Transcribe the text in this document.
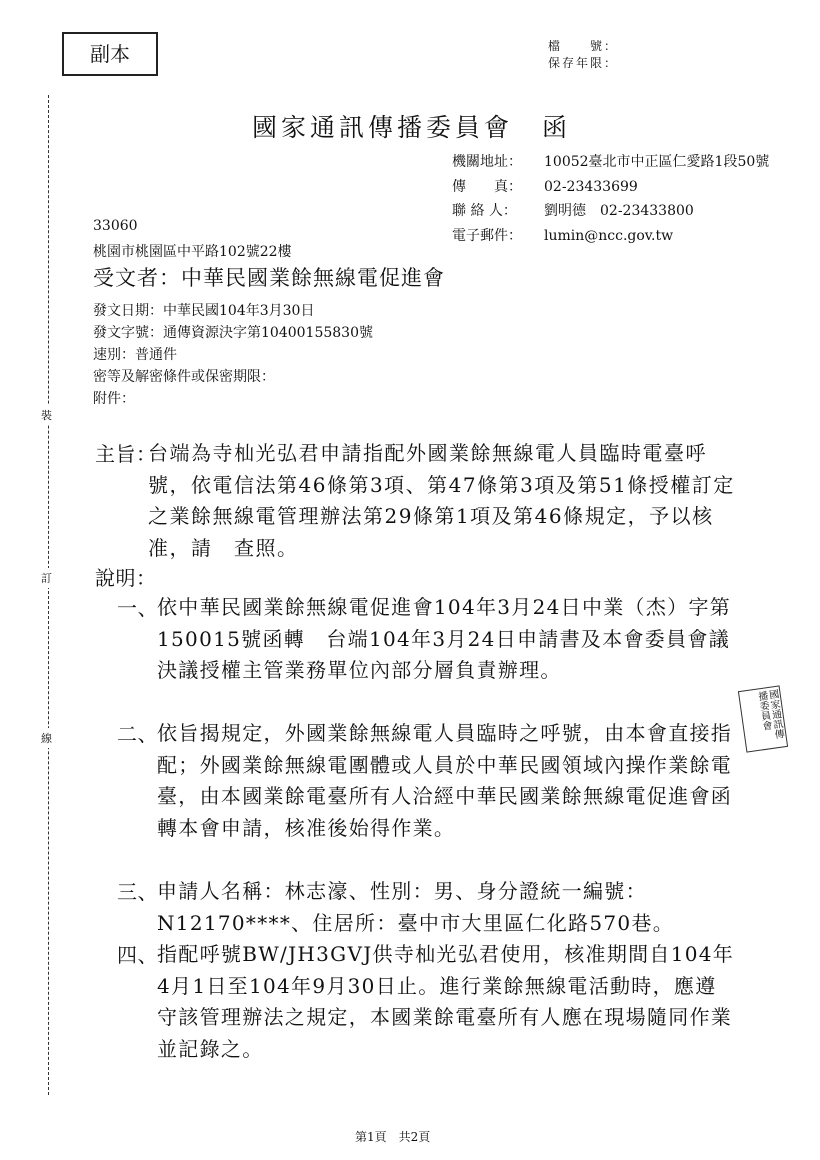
副本	檔　　號：
保存年限：
國家通訊傳播委員會　函
機關地址：	10052臺北市中正區仁愛路1段50號
傳　　真：	02-23433699
聯 絡 人：	劉明德　02-23433800
電子郵件：	lumin@ncc.gov.tw
33060
桃園市桃園區中平路102號22樓
受文者：中華民國業餘無線電促進會
發文日期：中華民國104年3月30日
發文字號：通傳資源決字第10400155830號
速別：普通件
密等及解密條件或保密期限：
附件：
主旨：
台端為寺杣光弘君申請指配外國業餘無線電人員臨時電臺呼號，依電信法第46條第3項、第47條第3項及第51條授權訂定之業餘無線電管理辦法第29條第1項及第46條規定，予以核准，請　查照。
說明：
一、 依中華民國業餘無線電促進會104年3月24日中業（杰）字第150015號函轉　台端104年3月24日申請書及本會委員會議決議授權主管業務單位內部分層負責辦理。
二、 依旨揭規定，外國業餘無線電人員臨時之呼號，由本會直接指配；外國業餘無線電團體或人員於中華民國領域內操作業餘電臺，由本國業餘電臺所有人洽經中華民國業餘無線電促進會函轉本會申請，核准後始得作業。
三、 申請人名稱：林志濠、性別：男、身分證統一編號：N12170****、住居所：臺中市大里區仁化路570巷。
四、 指配呼號BW/JH3GVJ供寺杣光弘君使用，核准期間自104年4月1日至104年9月30日止。進行業餘無線電活動時，應遵守該管理辦法之規定，本國業餘電臺所有人應在現場隨同作業並記錄之。
裝
訂
線	國家通訊傳播委員會
第1頁　共2頁
